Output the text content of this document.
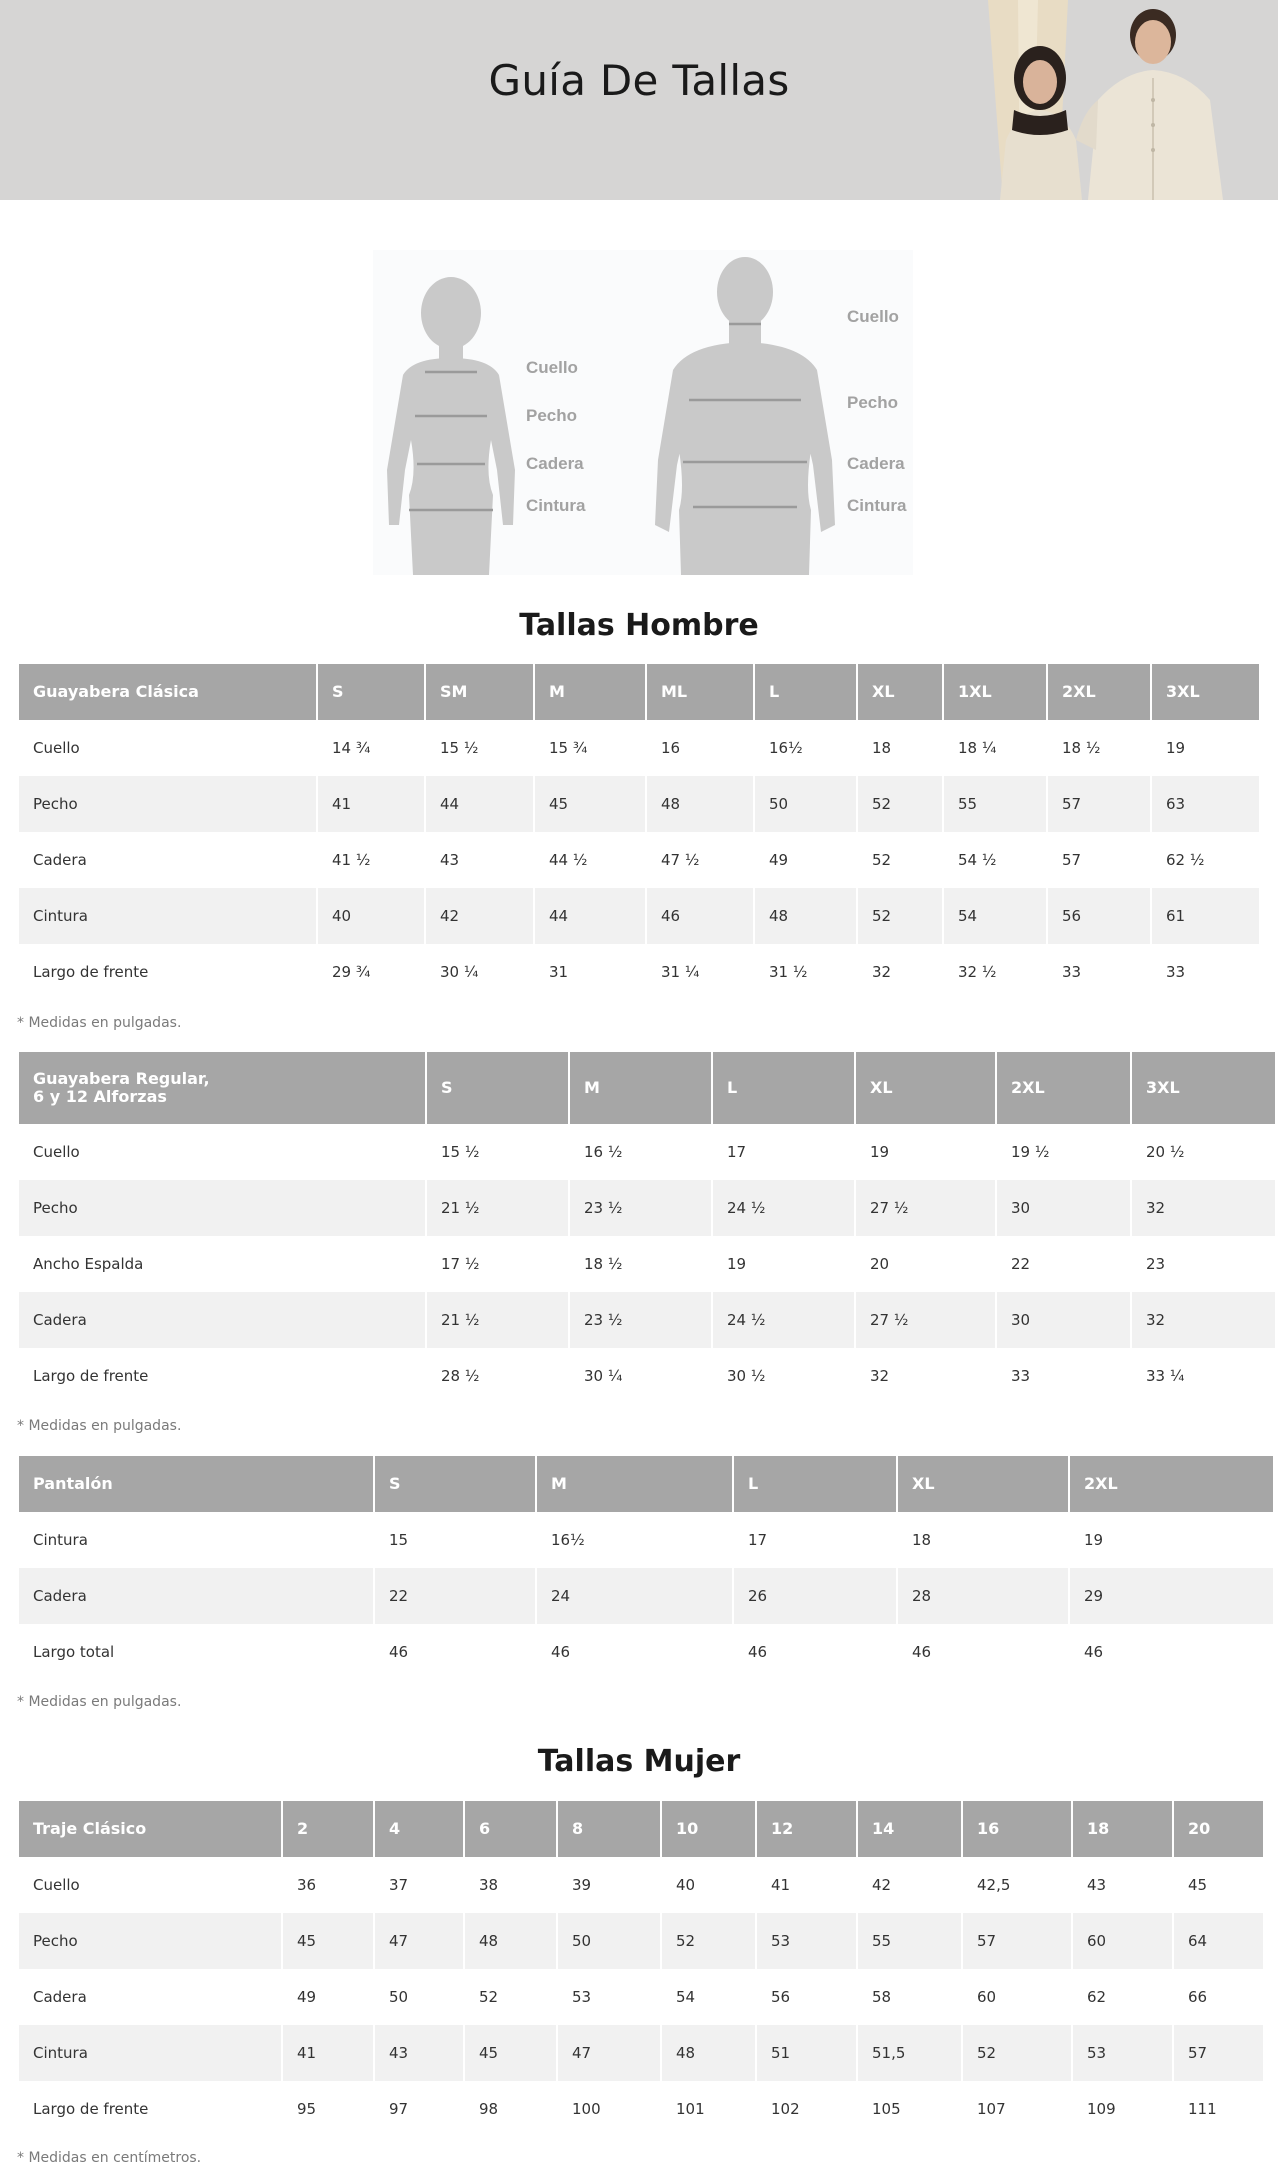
Guía De Tallas
Cuello
Pecho
Cadera
Cintura
Cuello
Pecho
Cadera
Cintura
Tallas Hombre
Guayabera Clásica	S	SM	M	ML	L	XL	1XL	2XL	3XL
Cuello	14 ¾	15 ½	15 ¾	16	16½	18	18 ¼	18 ½	19
Pecho	41	44	45	48	50	52	55	57	63
Cadera	41 ½	43	44 ½	47 ½	49	52	54 ½	57	62 ½
Cintura	40	42	44	46	48	52	54	56	61
Largo de frente	29 ¾	30 ¼	31	31 ¼	31 ½	32	32 ½	33	33
* Medidas en pulgadas.
Guayabera Regular,
6 y 12 Alforzas	S	M	L	XL	2XL	3XL
Cuello	15 ½	16 ½	17	19	19 ½	20 ½
Pecho	21 ½	23 ½	24 ½	27 ½	30	32
Ancho Espalda	17 ½	18 ½	19	20	22	23
Cadera	21 ½	23 ½	24 ½	27 ½	30	32
Largo de frente	28 ½	30 ¼	30 ½	32	33	33 ¼
* Medidas en pulgadas.
Pantalón	S	M	L	XL	2XL
Cintura	15	16½	17	18	19
Cadera	22	24	26	28	29
Largo total	46	46	46	46	46
* Medidas en pulgadas.
Tallas Mujer
Traje Clásico	2	4	6	8	10	12	14	16	18	20
Cuello	36	37	38	39	40	41	42	42,5	43	45
Pecho	45	47	48	50	52	53	55	57	60	64
Cadera	49	50	52	53	54	56	58	60	62	66
Cintura	41	43	45	47	48	51	51,5	52	53	57
Largo de frente	95	97	98	100	101	102	105	107	109	111
* Medidas en centímetros.
